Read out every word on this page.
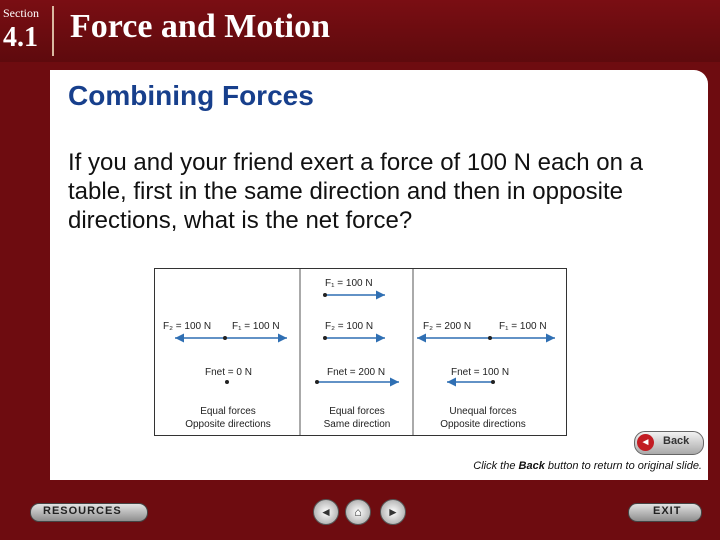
Section
4.1 Force and Motion
Combining Forces
If you and your friend exert a force of 100 N each on a table, first in the same direction and then in opposite directions, what is the net force?
F₂ = 100 N F₁ = 100 N
Fnet = 0 N
Equal forces
Opposite directions
F₁ = 100 N
F₂ = 100 N
Fnet = 200 N
Equal forces
Same direction
F₂ = 200 N	F₁ = 100 N
Fnet = 100 N
Unequal forces
Opposite directions
◄	Back
Click the Back button to return to original slide.
RESOURCES	◄	⌂	►	EXIT
